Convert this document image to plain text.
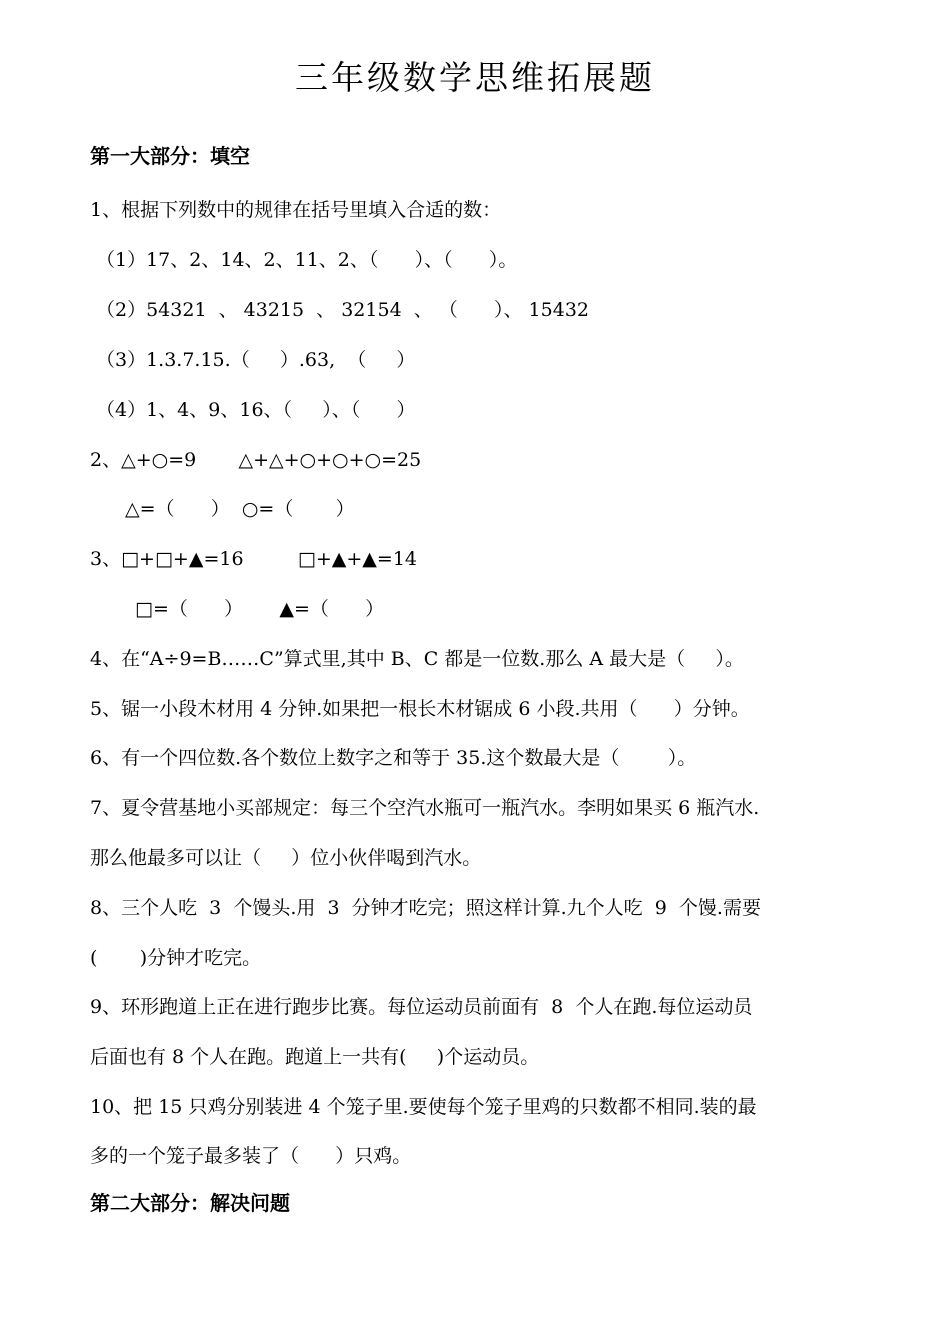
三年级数学思维拓展题
第一大部分：填空
1、根据下列数中的规律在括号里填入合适的数：
（1）17、2、14、2、11、2、（      ）、（      ）。
（2）54321  、 43215  、 32154  、 （      ）、 15432
（3）1.3.7.15.（     ）.63,  （     ）
（4）1、4、9、16、（     ）、（      ）
2、△+○=9       △+△+○+○+○=25
△=（      ）  ○=（       ）
3、□+□+▲=16         □+▲+▲=14
□=（      ）      ▲=（      ）
4、在“A÷9=B……C”算式里,其中 B、C 都是一位数.那么 A 最大是（     ）。
5、锯一小段木材用 4 分钟.如果把一根长木材锯成 6 小段.共用（      ）分钟。
6、有一个四位数.各个数位上数字之和等于 35.这个数最大是（        ）。
7、夏令营基地小买部规定：每三个空汽水瓶可一瓶汽水。李明如果买 6 瓶汽水.
那么他最多可以让（     ）位小伙伴喝到汽水。
8、三个人吃  3  个馒头.用  3  分钟才吃完；照这样计算.九个人吃  9  个馒.需要
(       )分钟才吃完。
9、环形跑道上正在进行跑步比赛。每位运动员前面有  8  个人在跑.每位运动员
后面也有 8 个人在跑。跑道上一共有(     )个运动员。
10、把 15 只鸡分别装进 4 个笼子里.要使每个笼子里鸡的只数都不相同.装的最
多的一个笼子最多装了（      ）只鸡。
第二大部分：解决问题
